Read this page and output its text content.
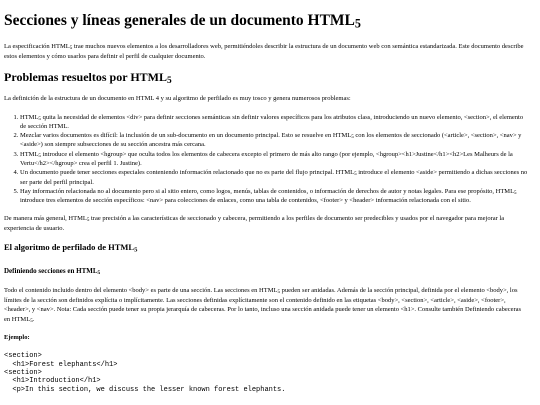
Secciones y líneas generales de un documento $HTML_5$

La especificación $HTML_5$ trae muchos nuevos elementos a los desarrolladores web, permitiéndoles describir la estructura de un documento web con semántica estandarizada. Este documento describe estos elementos y cómo usarlos para definir el perfil de cualquier documento.

Problemas resueltos por $HTML_5$

La definición de la estructura de un documento en HTML 4 y su algoritmo de perfilado es muy tosco y genera numerosos problemas:

1. $HTML_5$ quita la necesidad de elementos <div> para definir secciones semánticas sin definir valores específicos para los atributos class, introduciendo un nuevo elemento, <section>, el elemento de sección HTML.
2. Mezclar varios documentos es difícil: la inclusión de un sub-documento en un documento principal. Esto se resuelve en $HTML_5$ con los elementos de seccionado (<article>, <section>, <nav> y <aside>) son siempre subsecciones de su sección ancestra más cercana.
3. $HTML_5$ introduce el elemento <hgroup> que oculta todos los elementos de cabecera excepto el primero de más alto rango (por ejemplo, <hgroup><h1>Justine</h1><h2>Les Malheurs de la Vertu</h2></hgroup> crea el perfil 1. Justine).
4. Un documento puede tener secciones especiales conteniendo información relacionado que no es parte del flujo principal. $HTML_5$ introduce el elemento <aside> permitiendo a dichas secciones no ser parte del perfil principal.
5. Hay información relacionada no al documento pero si al sitio entero, como logos, menús, tablas de contenidos, o información de derechos de autor y notas legales. Para ese propósito, $HTML_5$ introduce tres elementos de sección específicos: <nav> para colecciones de enlaces, como una tabla de contenidos, <footer> y <header> información relacionada con el sitio.

De manera más general, $HTML_5$ trae precisión a las características de seccionado y cabecera, permitiendo a los perfiles de documento ser predecibles y usados por el navegador para mejorar la experiencia de usuario.

El algoritmo de perfilado de $HTML_5$
Definiendo secciones en $HTML_5$

Todo el contenido incluido dentro del elemento <body> es parte de una sección. Las secciones en $HTML_5$ pueden ser anidadas. Además de la sección principal, definida por el elemento <body>, los límites de la sección son definidos explícita o implícitamente. Las secciones definidas explícitamente son el contenido definido en las etiquetas <body>, <section>, <article>, <aside>, <footer>, <header>, y <nav>. Nota: Cada sección puede tener su propia jerarquía de cabeceras. Por lo tanto, incluso una sección anidada puede tener un elemento <h1>. Consulte también Definiendo cabeceras en $HTML_5$.

Ejemplo:
<section>
<h1>Forest elephants</h1>
<section>
<h1>Introduction</h1>
<p>In this section, we discuss the lesser known forest elephants.
